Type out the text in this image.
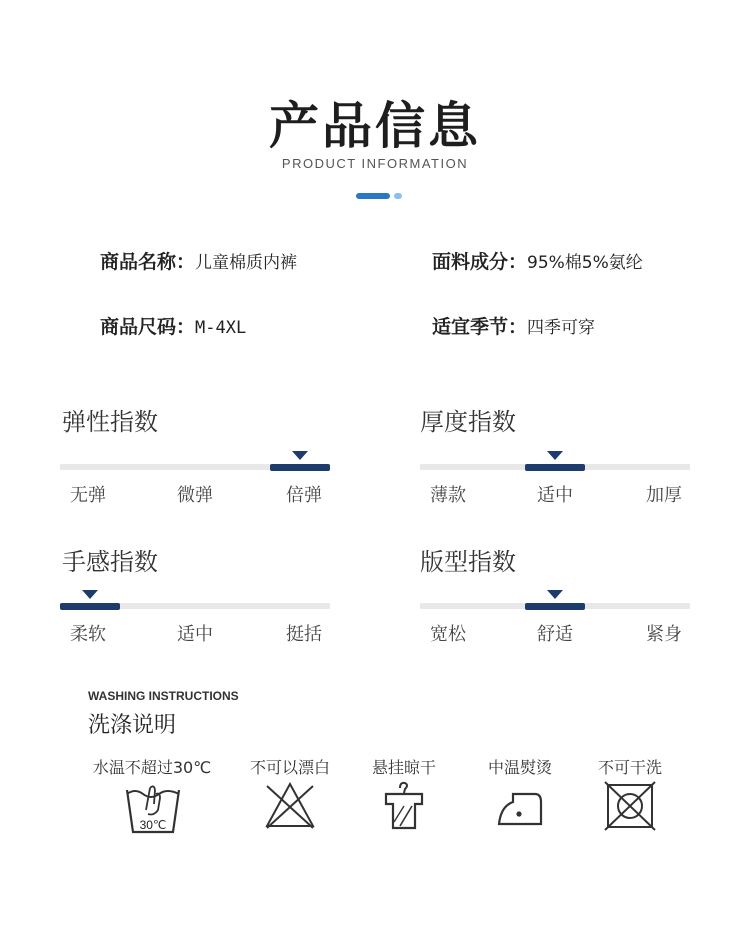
产品信息
PRODUCT INFORMATION
商品名称：儿童棉质内裤	面料成分：95%棉5%氨纶
商品尺码：M-4XL	适宜季节：四季可穿
弹性指数
无弹	微弹	倍弹
厚度指数
薄款	适中	加厚
手感指数
柔软	适中	挺括
版型指数
宽松	舒适	紧身
WASHING INSTRUCTIONS
洗涤说明
水温不超过30℃ 不可以漂白	悬挂晾干	中温熨烫	不可干洗
30℃
